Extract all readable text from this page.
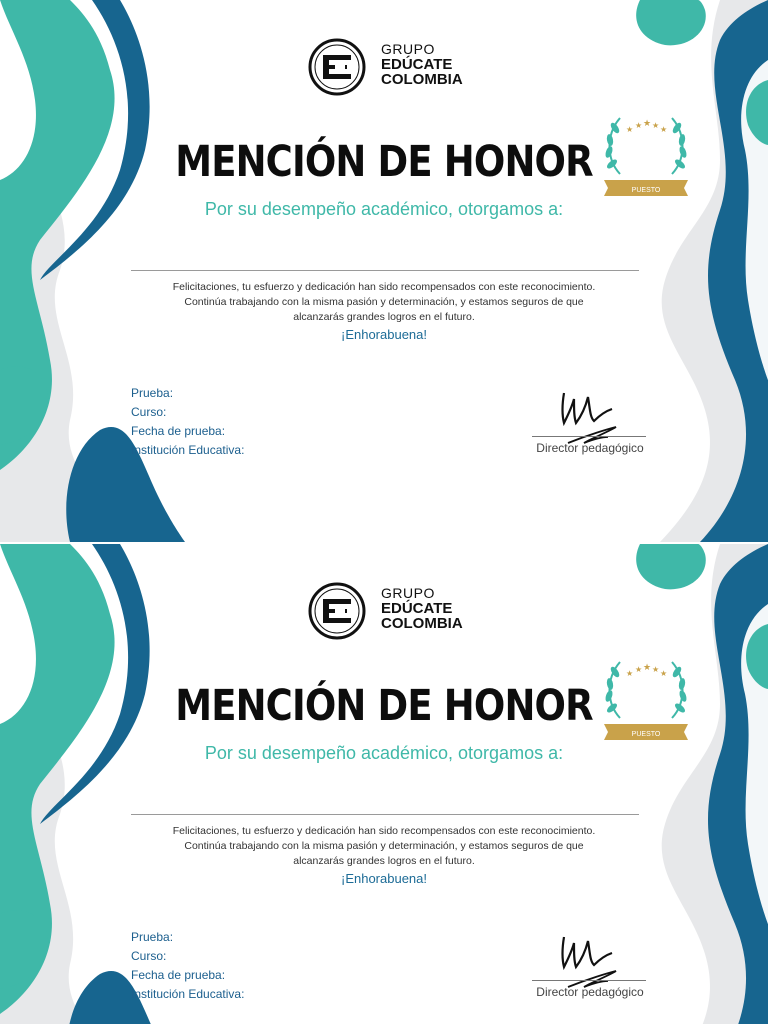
GRUPO
EDÚCATE
COLOMBIA
★ ★ ★ ★ ★
PUESTO
MENCIÓN DE HONOR
Por su desempeño académico, otorgamos a:
Felicitaciones, tu esfuerzo y dedicación han sido recompensados con este reconocimiento. Continúa trabajando con la misma pasión y determinación, y estamos seguros de que alcanzarás grandes logros en el futuro.
¡Enhorabuena!
Prueba:
Curso:
Fecha de prueba:
Institución Educativa:	Director pedagógico
GRUPO
EDÚCATE
COLOMBIA
★ ★ ★ ★ ★
PUESTO
MENCIÓN DE HONOR
Por su desempeño académico, otorgamos a:
Felicitaciones, tu esfuerzo y dedicación han sido recompensados con este reconocimiento. Continúa trabajando con la misma pasión y determinación, y estamos seguros de que alcanzarás grandes logros en el futuro.
¡Enhorabuena!
Prueba:
Curso:
Fecha de prueba:
Institución Educativa:	Director pedagógico
